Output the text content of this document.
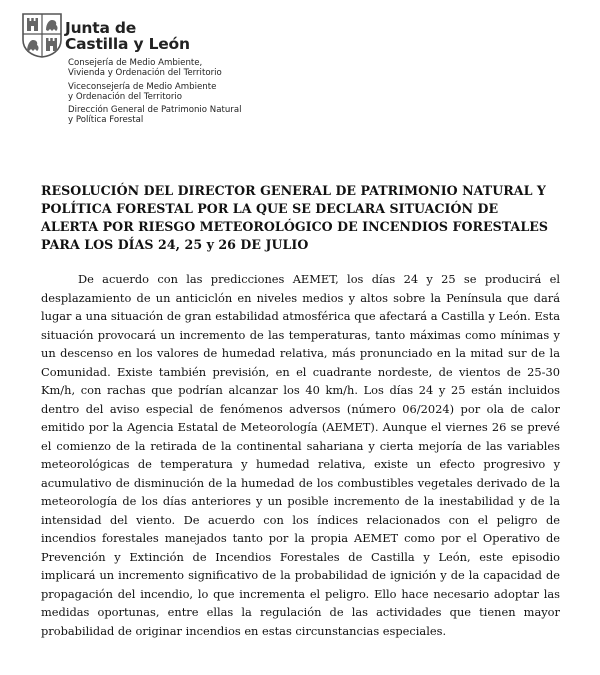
Junta de
Castilla y León
Consejería de Medio Ambiente,
Vivienda y Ordenación del Territorio
Viceconsejería de Medio Ambiente
y Ordenación del Territorio
Dirección General de Patrimonio Natural
y Política Forestal
RESOLUCIÓN DEL DIRECTOR GENERAL DE PATRIMONIO NATURAL Y POLÍTICA FORESTAL POR LA QUE SE DECLARA SITUACIÓN DE ALERTA POR RIESGO METEOROLÓGICO DE INCENDIOS FORESTALES PARA LOS DÍAS 24, 25 y 26 DE JULIO

De acuerdo con las predicciones AEMET, los días 24 y 25 se producirá el desplazamiento de un anticiclón en niveles medios y altos sobre la Península que dará lugar a una situación de gran estabilidad atmosférica que afectará a Castilla y León. Esta situación provocará un incremento de las temperaturas, tanto máximas como mínimas y un descenso en los valores de humedad relativa, más pronunciado en la mitad sur de la Comunidad. Existe también previsión, en el cuadrante nordeste, de vientos de 25-30 Km/h, con rachas que podrían alcanzar los 40 km/h. Los días 24 y 25 están incluidos dentro del aviso especial de fenómenos adversos (número 06/2024) por ola de calor emitido por la Agencia Estatal de Meteorología (AEMET). Aunque el viernes 26 se prevé el comienzo de la retirada de la continental sahariana y cierta mejoría de las variables meteorológicas de temperatura y humedad relativa, existe un efecto progresivo y acumulativo de disminución de la humedad de los combustibles vegetales derivado de la meteorología de los días anteriores y un posible incremento de la inestabilidad y de la intensidad del viento. De acuerdo con los índices relacionados con el peligro de incendios forestales manejados tanto por la propia AEMET como por el Operativo de Prevención y Extinción de Incendios Forestales de Castilla y León, este episodio implicará un incremento significativo de la probabilidad de ignición y de la capacidad de propagación del incendio, lo que incrementa el peligro. Ello hace necesario adoptar las medidas oportunas, entre ellas la regulación de las actividades que tienen mayor probabilidad de originar incendios en estas circunstancias especiales.
